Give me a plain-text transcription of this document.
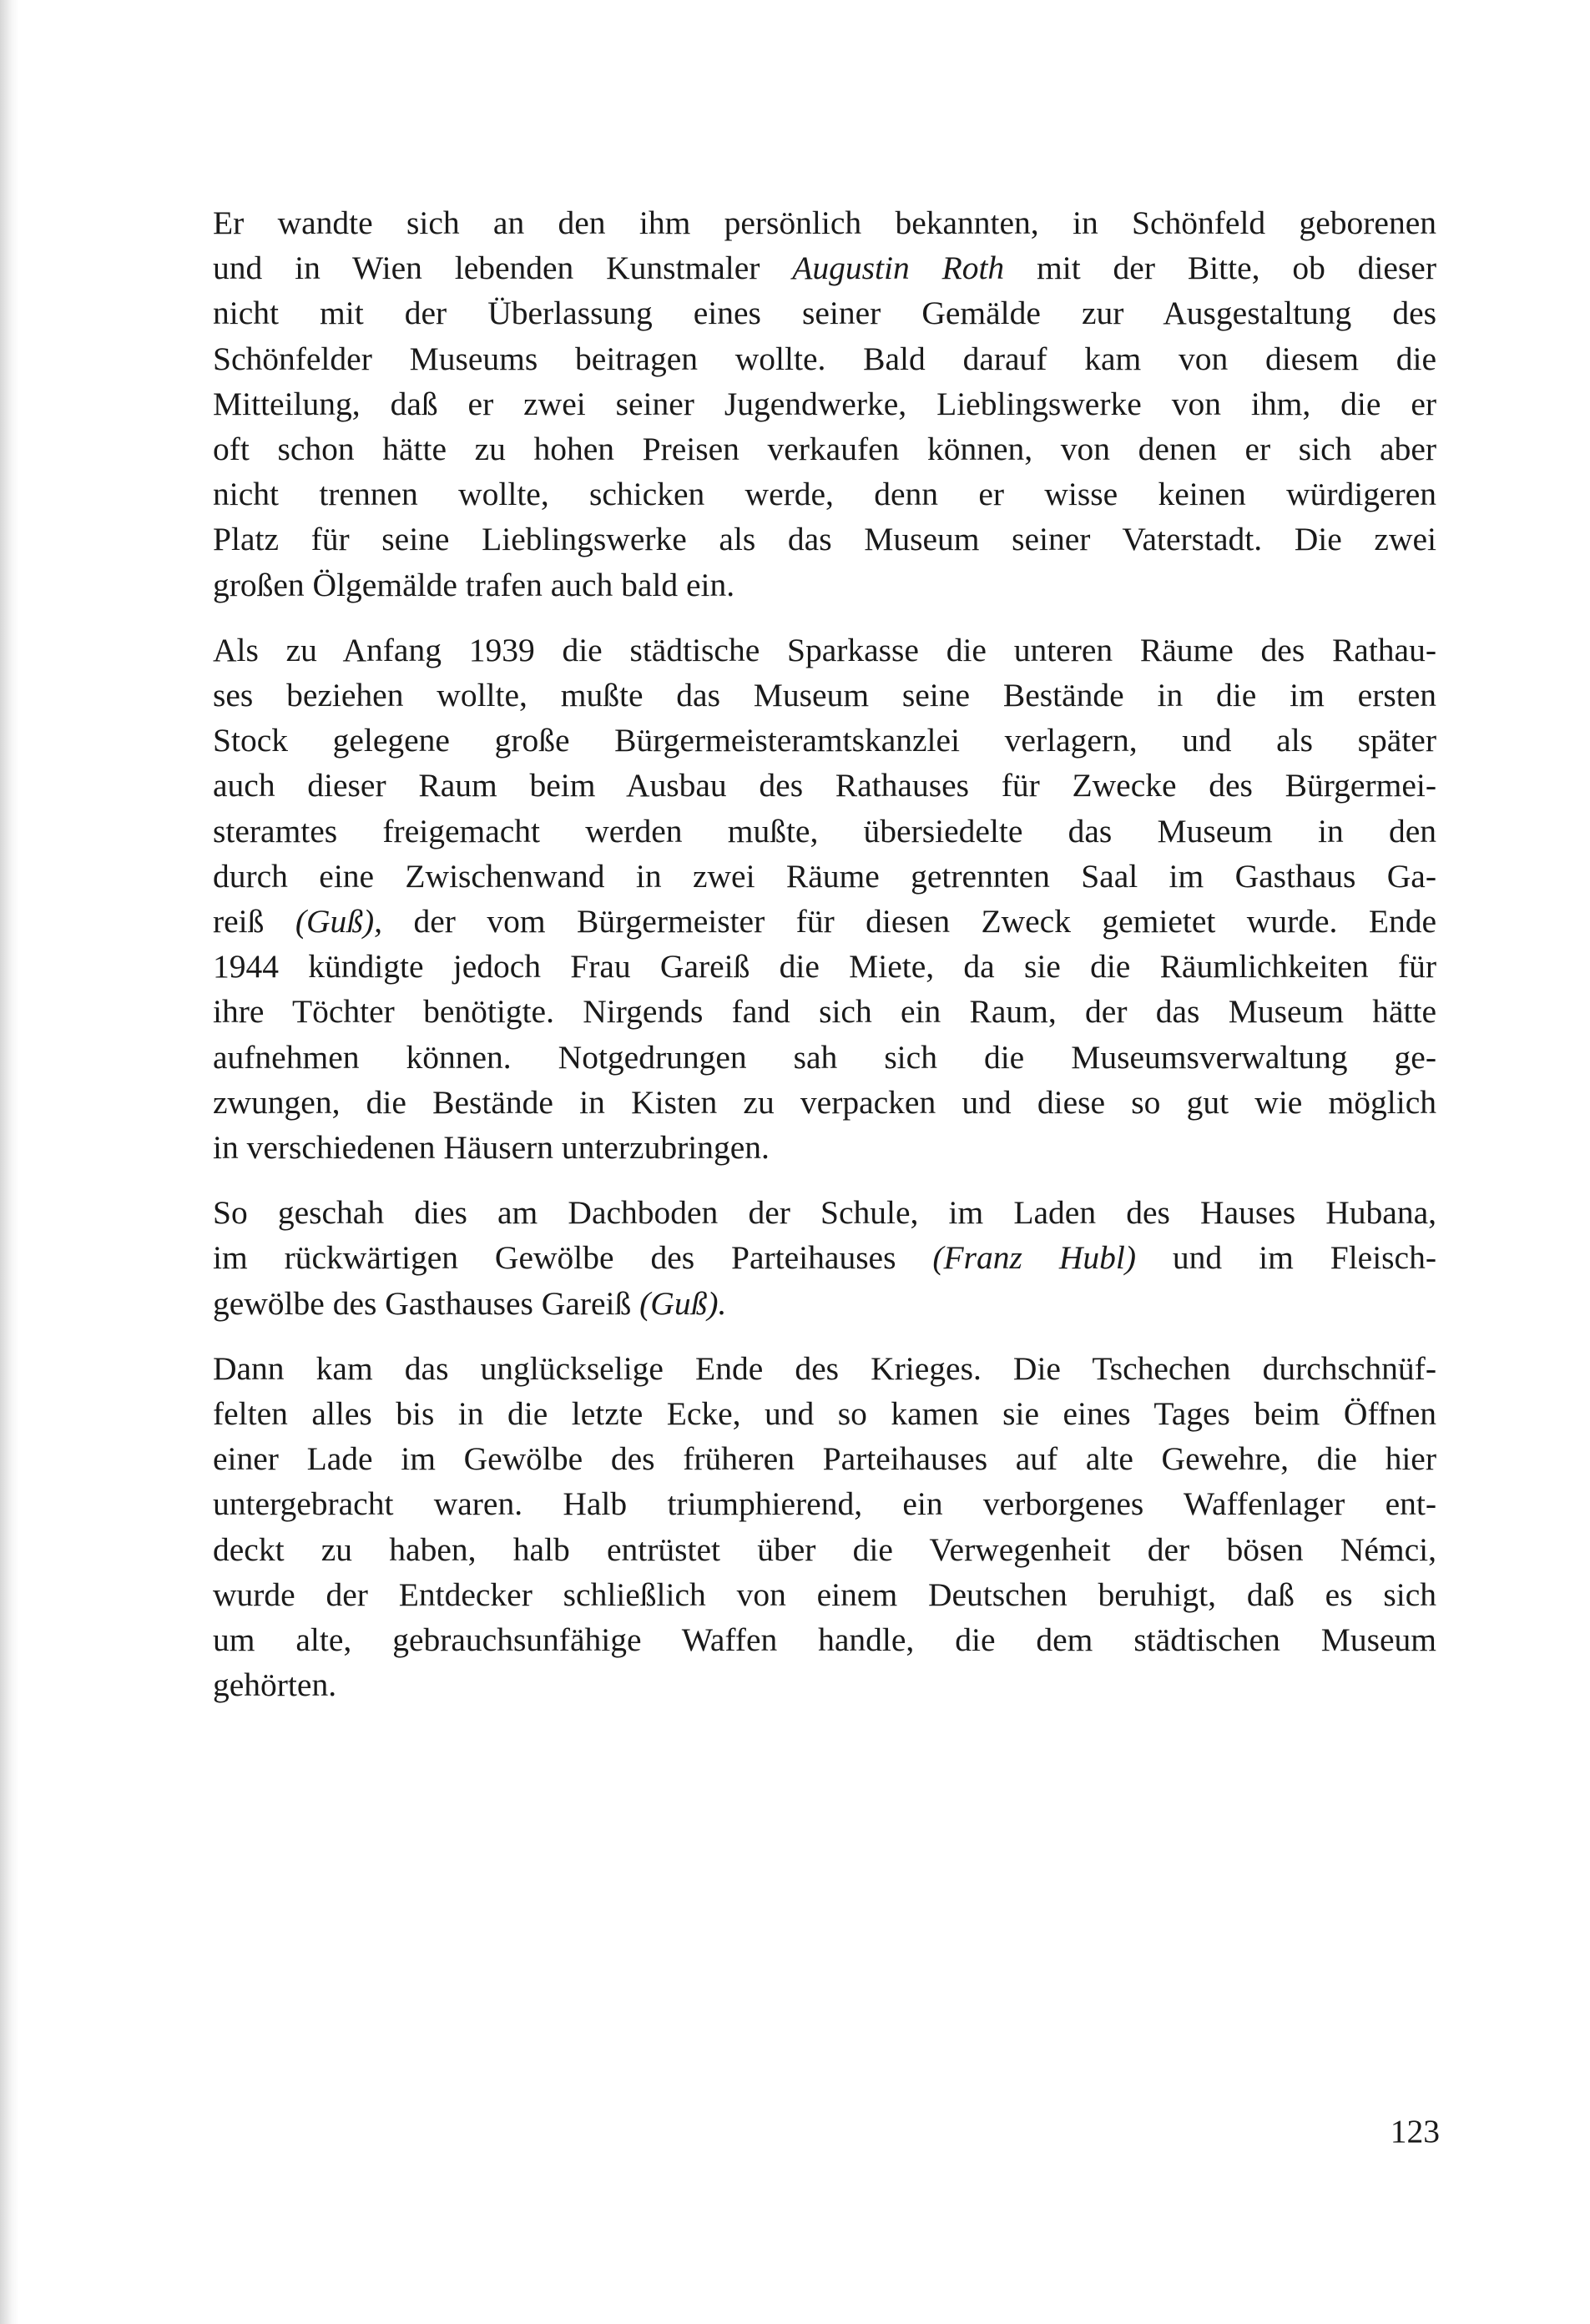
Er wandte sich an den ihm persönlich bekannten, in Schönfeld geborenen
und in Wien lebenden Kunstmaler Augustin Roth mit der Bitte, ob dieser
nicht mit der Überlassung eines seiner Gemälde zur Ausgestaltung des
Schönfelder Museums beitragen wollte. Bald darauf kam von diesem die
Mitteilung, daß er zwei seiner Jugendwerke, Lieblingswerke von ihm, die er
oft schon hätte zu hohen Preisen verkaufen können, von denen er sich aber
nicht trennen wollte, schicken werde, denn er wisse keinen würdigeren
Platz für seine Lieblingswerke als das Museum seiner Vaterstadt. Die zwei
großen Ölgemälde trafen auch bald ein.

Als zu Anfang 1939 die städtische Sparkasse die unteren Räume des Rathau-
ses beziehen wollte, mußte das Museum seine Bestände in die im ersten
Stock gelegene große Bürgermeisteramtskanzlei verlagern, und als später
auch dieser Raum beim Ausbau des Rathauses für Zwecke des Bürgermei-
steramtes freigemacht werden mußte, übersiedelte das Museum in den
durch eine Zwischenwand in zwei Räume getrennten Saal im Gasthaus Ga-
reiß (Guß), der vom Bürgermeister für diesen Zweck gemietet wurde. Ende
1944 kündigte jedoch Frau Gareiß die Miete, da sie die Räumlichkeiten für
ihre Töchter benötigte. Nirgends fand sich ein Raum, der das Museum hätte
aufnehmen können. Notgedrungen sah sich die Museumsverwaltung ge-
zwungen, die Bestände in Kisten zu verpacken und diese so gut wie möglich
in verschiedenen Häusern unterzubringen.

So geschah dies am Dachboden der Schule, im Laden des Hauses Hubana,
im rückwärtigen Gewölbe des Parteihauses (Franz Hubl) und im Fleisch-
gewölbe des Gasthauses Gareiß (Guß).

Dann kam das unglückselige Ende des Krieges. Die Tschechen durchschnüf-
felten alles bis in die letzte Ecke, und so kamen sie eines Tages beim Öffnen
einer Lade im Gewölbe des früheren Parteihauses auf alte Gewehre, die hier
untergebracht waren. Halb triumphierend, ein verborgenes Waffenlager ent-
deckt zu haben, halb entrüstet über die Verwegenheit der bösen Némci,
wurde der Entdecker schließlich von einem Deutschen beruhigt, daß es sich
um alte, gebrauchsunfähige Waffen handle, die dem städtischen Museum
gehörten.

123
